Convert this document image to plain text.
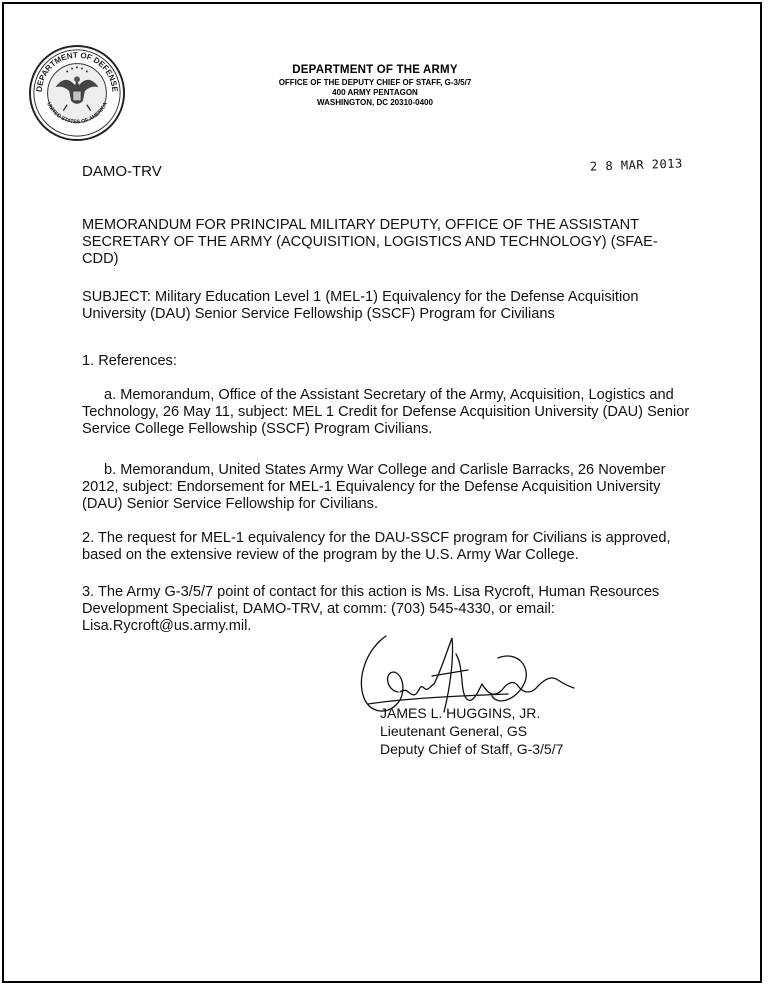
DEPARTMENT OF DEFENSE
UNITED STATES OF AMERICA
DEPARTMENT OF THE ARMY
OFFICE OF THE DEPUTY CHIEF OF STAFF, G-3/5/7
400 ARMY PENTAGON
WASHINGTON, DC 20310-0400
DAMO-TRV	2 8 MAR 2013

MEMORANDUM FOR PRINCIPAL MILITARY DEPUTY, OFFICE OF THE ASSISTANT SECRETARY OF THE ARMY (ACQUISITION, LOGISTICS AND TECHNOLOGY) (SFAE-CDD)

SUBJECT: Military Education Level 1 (MEL-1) Equivalency for the Defense Acquisition University (DAU) Senior Service Fellowship (SSCF) Program for Civilians

1. References:

a. Memorandum, Office of the Assistant Secretary of the Army, Acquisition, Logistics and Technology, 26 May 11, subject: MEL 1 Credit for Defense Acquisition University (DAU) Senior Service College Fellowship (SSCF) Program Civilians.

b. Memorandum, United States Army War College and Carlisle Barracks, 26 November 2012, subject: Endorsement for MEL-1 Equivalency for the Defense Acquisition University (DAU) Senior Service Fellowship for Civilians.

2. The request for MEL-1 equivalency for the DAU-SSCF program for Civilians is approved, based on the extensive review of the program by the U.S. Army War College.

3. The Army G-3/5/7 point of contact for this action is Ms. Lisa Rycroft, Human Resources Development Specialist, DAMO-TRV, at comm: (703) 545-4330, or email: Lisa.Rycroft@us.army.mil.

JAMES L. HUGGINS, JR.
Lieutenant General, GS
Deputy Chief of Staff, G-3/5/7
